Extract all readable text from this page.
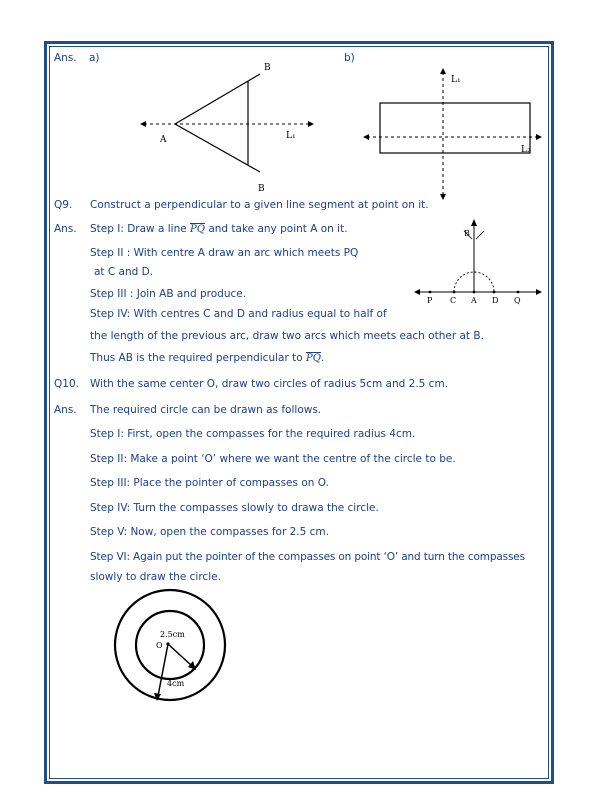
Ans. a)	b)
B
A	L₁
B
L₁
L₂
Q9. Construct a perpendicular to a given line segment at point on it.
Ans. Step I: Draw a line $\overline{PQ}$ and take any point A on it.
Step II : With centre A draw an arc which meets PQ
at C and D.
Step III : Join AB and produce.
Step IV: With centres C and D and radius equal to half of
the length of the previous arc, draw two arcs which meets each other at B.
Thus AB is the required perpendicular to $\overline{PQ}$.
B
P C A D Q
Q10. With the same center O, draw two circles of radius 5cm and 2.5 cm.
Ans. The required circle can be drawn as follows.
Step I: First, open the compasses for the required radius 4cm.
Step II: Make a point ‘O’ where we want the centre of the circle to be.
Step III: Place the pointer of compasses on O.
Step IV: Turn the compasses slowly to drawa the circle.
Step V: Now, open the compasses for 2.5 cm.
Step VI: Again put the pointer of the compasses on point ‘O’ and turn the compasses
slowly to draw the circle.
2.5cm
O
4cm
